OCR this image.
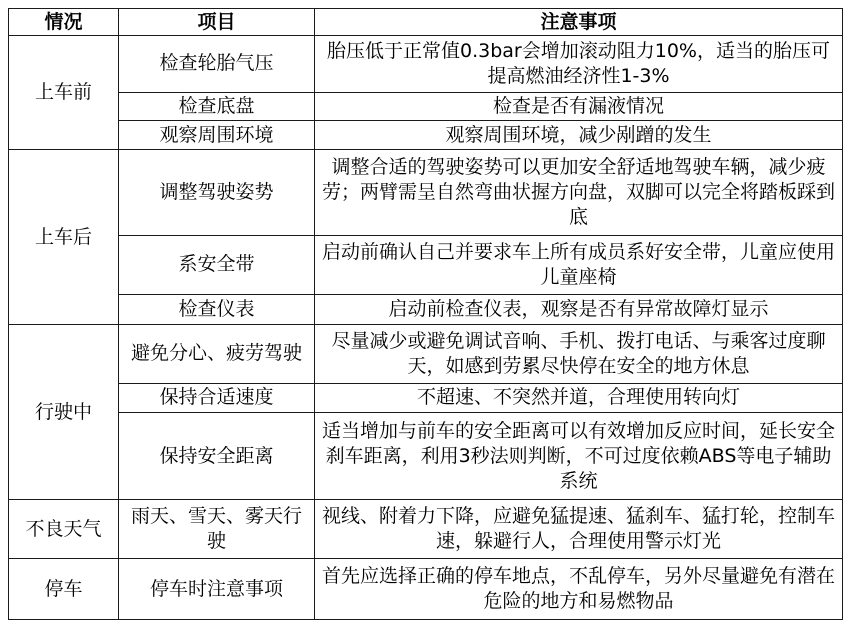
情况	项目	注意事项
上车前	检查轮胎气压	胎压低于正常值0.3bar会增加滚动阻力10%，适当的胎压可提高燃油经济性1-3%
	检查底盘	检查是否有漏液情况
	观察周围环境	观察周围环境，减少剐蹭的发生
上车后	调整驾驶姿势	调整合适的驾驶姿势可以更加安全舒适地驾驶车辆，减少疲劳；两臂需呈自然弯曲状握方向盘，双脚可以完全将踏板踩到底
	系安全带	启动前确认自己并要求车上所有成员系好安全带，儿童应使用儿童座椅
	检查仪表	启动前检查仪表，观察是否有异常故障灯显示
行驶中	避免分心、疲劳驾驶	尽量减少或避免调试音响、手机、拨打电话、与乘客过度聊天，如感到劳累尽快停在安全的地方休息
	保持合适速度	不超速、不突然并道，合理使用转向灯
	保持安全距离	适当增加与前车的安全距离可以有效增加反应时间，延长安全刹车距离，利用3秒法则判断，不可过度依赖ABS等电子辅助系统
不良天气	雨天、雪天、雾天行驶	视线、附着力下降，应避免猛提速、猛刹车、猛打轮，控制车速，躲避行人，合理使用警示灯光
停车	停车时注意事项	首先应选择正确的停车地点，不乱停车，另外尽量避免有潜在危险的地方和易燃物品
